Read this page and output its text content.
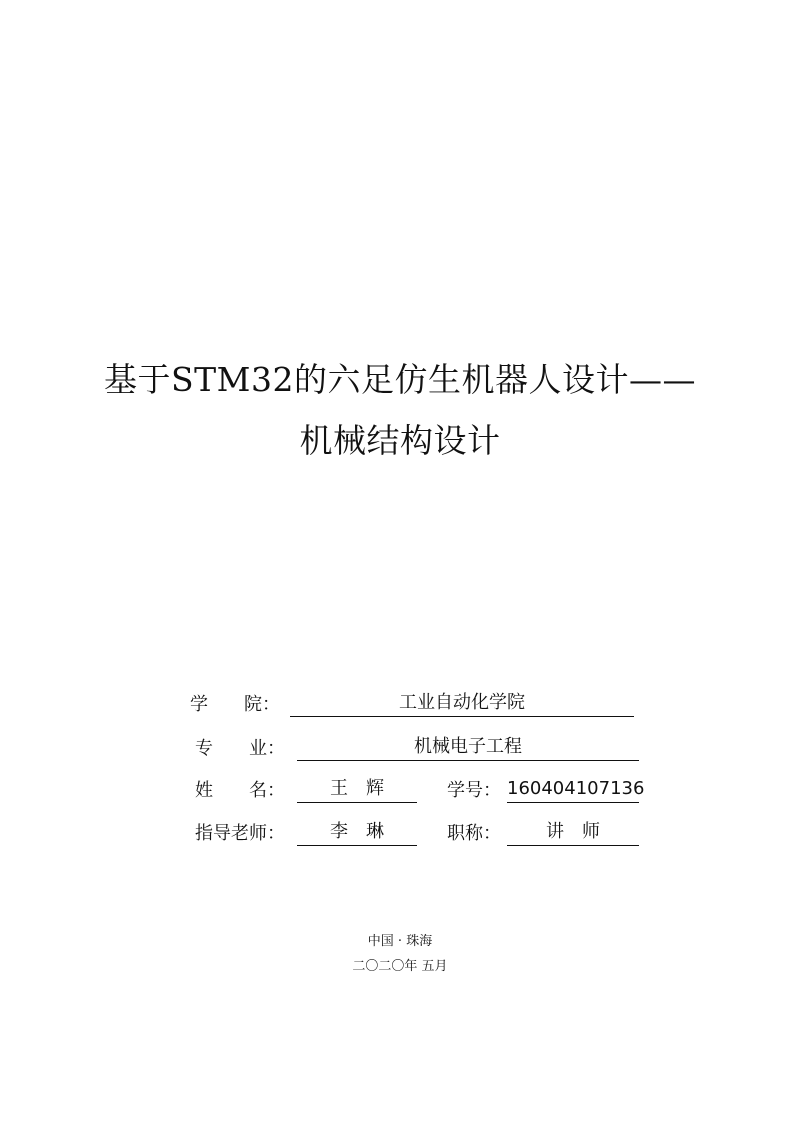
基于STM32的六足仿生机器人设计——
机械结构设计
学　　院：	工业自动化学院
专　　业：	机械电子工程
姓　　名：	王　辉	学号： 160404107136
指导老师：	李　琳	职称：	讲　师
中国 · 珠海
二〇二〇年 五月
